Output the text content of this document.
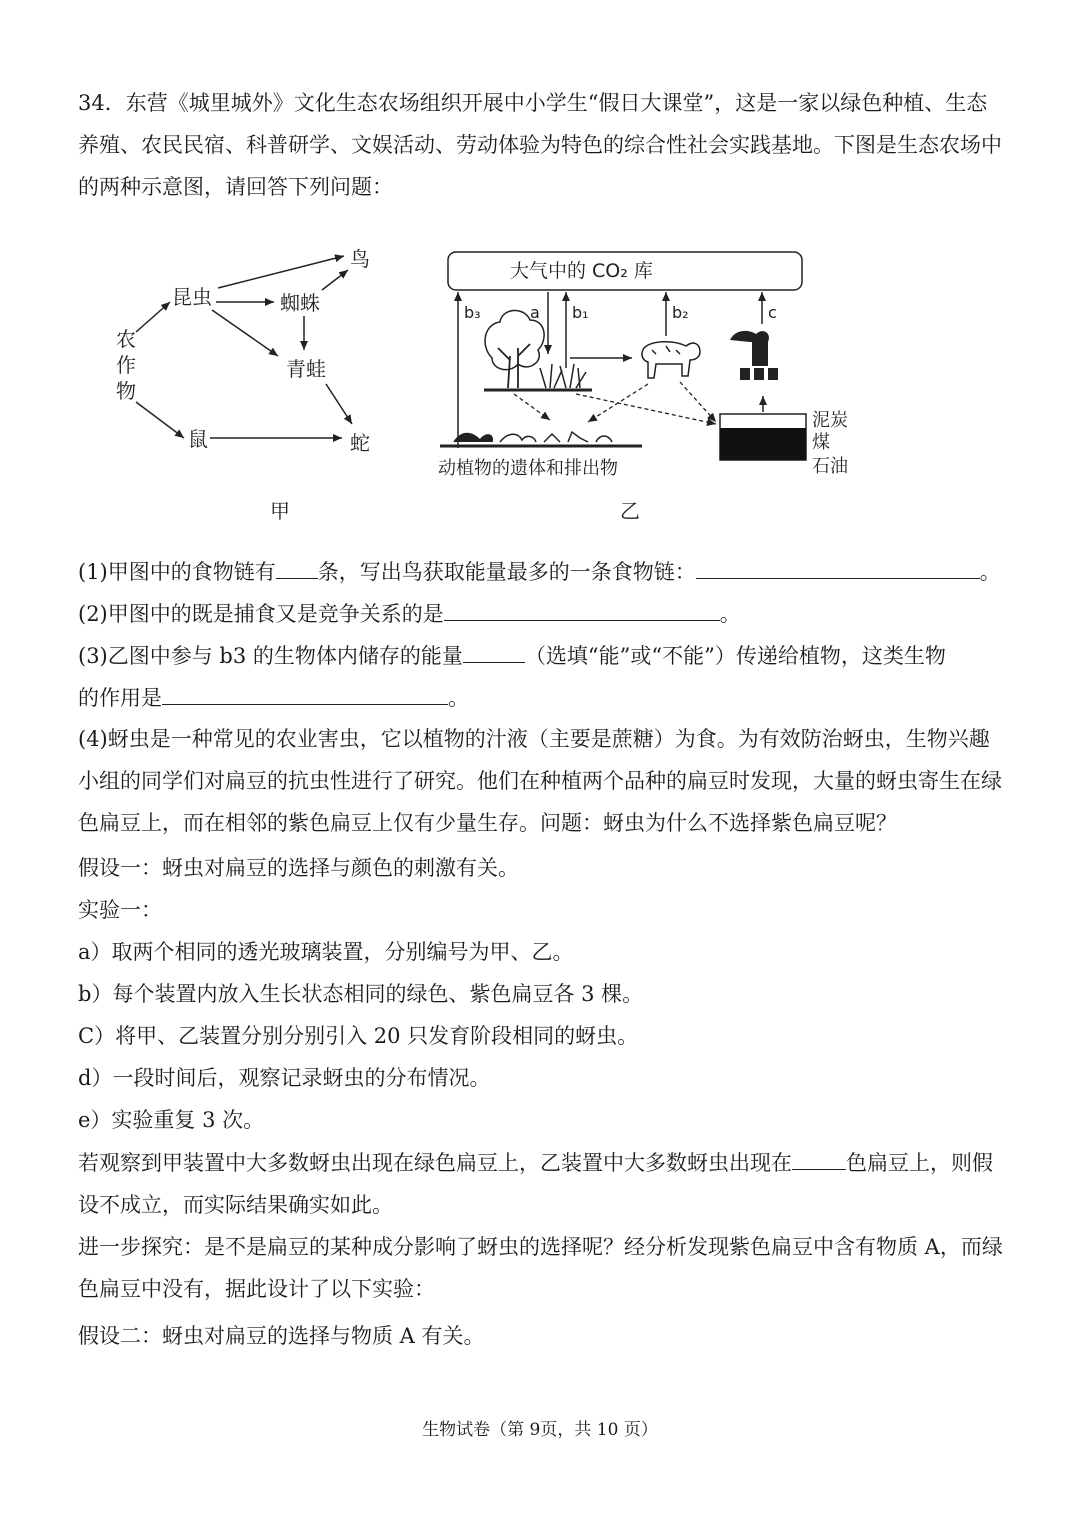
34．东营《城里城外》文化生态农场组织开展中小学生“假日大课堂”，这是一家以绿色种植、生态养殖、农民民宿、科普研学、文娱活动、劳动体验为特色的综合性社会实践基地。下图是生态农场中的两种示意图，请回答下列问题：

农
作
物
昆虫	蜘蛛
鸟
青蛙
鼠	蛇
甲
大气中的 CO₂ 库
b₃	a b₁	b₂	c
动植物的遗体和排出物
泥炭
煤
石油
乙
(1)甲图中的食物链有 条，写出鸟获取能量最多的一条食物链：	。
(2)甲图中的既是捕食又是竞争关系的是	。
(3)乙图中参与 b3 的生物体内储存的能量	（选填“能”或“不能”）传递给植物，这类生物
的作用是	。

(4)蚜虫是一种常见的农业害虫，它以植物的汁液（主要是蔗糖）为食。为有效防治蚜虫，生物兴趣小组的同学们对扁豆的抗虫性进行了研究。他们在种植两个品种的扁豆时发现，大量的蚜虫寄生在绿色扁豆上，而在相邻的紫色扁豆上仅有少量生存。问题：蚜虫为什么不选择紫色扁豆呢？

假设一：蚜虫对扁豆的选择与颜色的刺激有关。
实验一：
a）取两个相同的透光玻璃装置，分别编号为甲、乙。
b）每个装置内放入生长状态相同的绿色、紫色扁豆各 3 棵。
C）将甲、乙装置分别分别引入 20 只发育阶段相同的蚜虫。
d）一段时间后，观察记录蚜虫的分布情况。
e）实验重复 3 次。

若观察到甲装置中大多数蚜虫出现在绿色扁豆上，乙装置中大多数蚜虫出现在	色扁豆上，则假设不成立，而实际结果确实如此。

进一步探究：是不是扁豆的某种成分影响了蚜虫的选择呢？经分析发现紫色扁豆中含有物质 A，而绿色扁豆中没有，据此设计了以下实验：

假设二：蚜虫对扁豆的选择与物质 A 有关。
生物试卷（第 9页，共 10 页）
